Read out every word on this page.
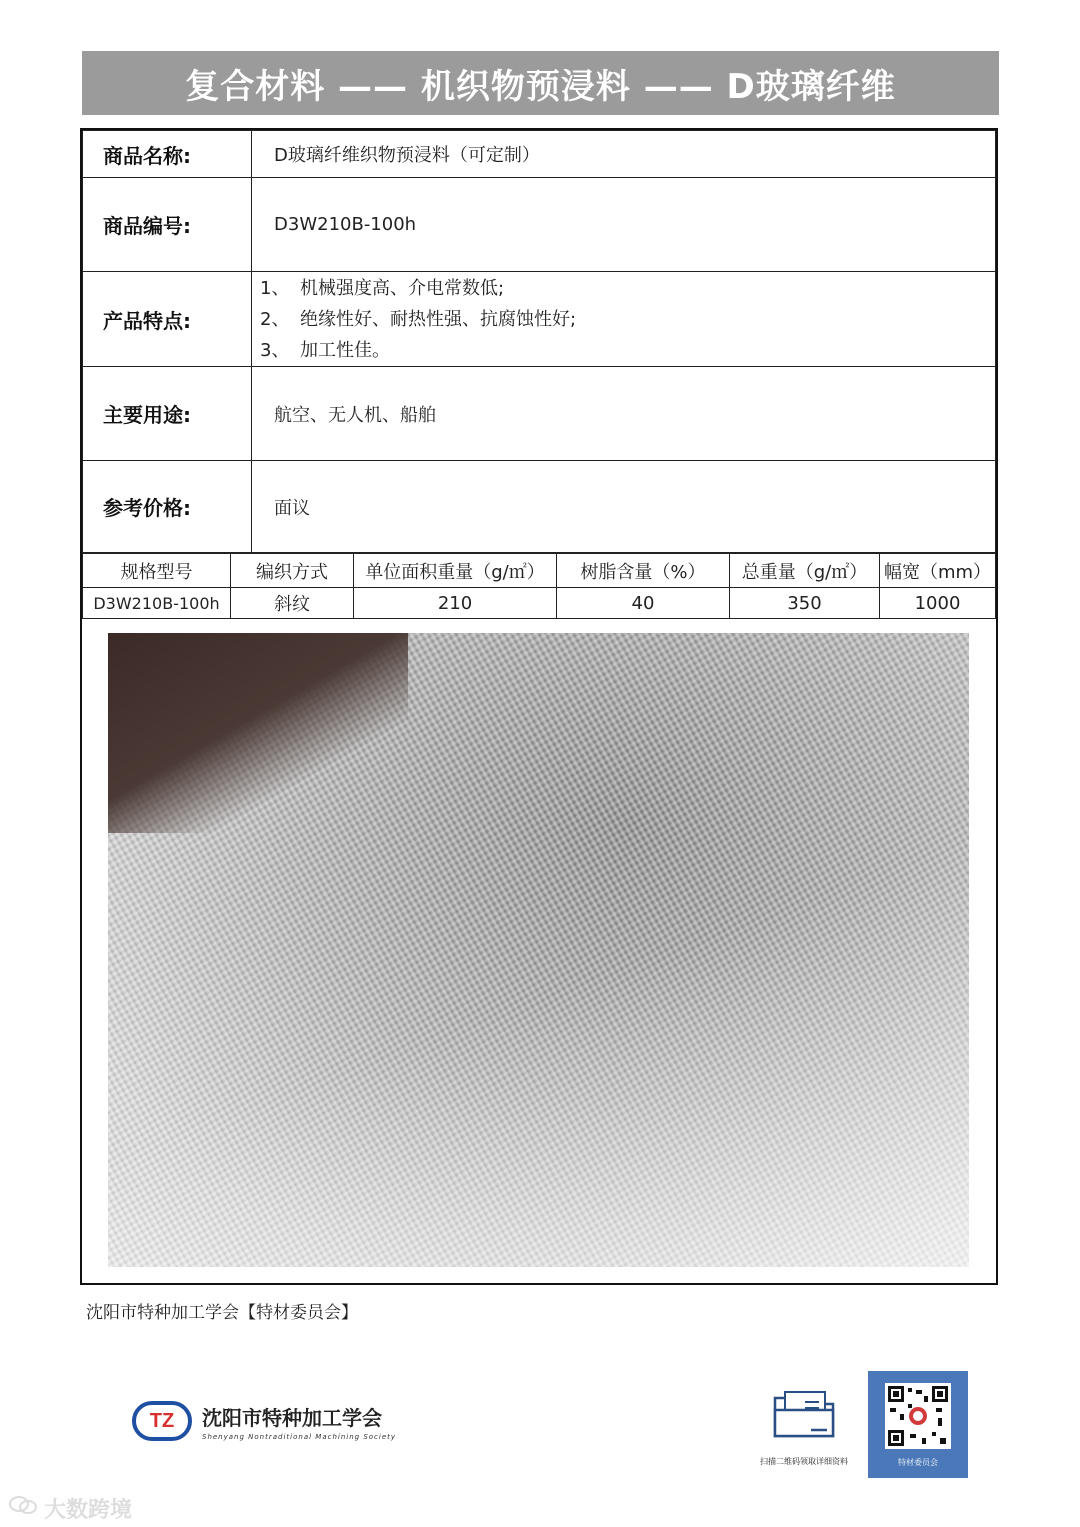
复合材料 —— 机织物预浸料 —— D玻璃纤维
商品名称:	D玻璃纤维织物预浸料（可定制）
商品编号:	D3W210B-100h
产品特点:	1、 机械强度高、介电常数低;
2、 绝缘性好、耐热性强、抗腐蚀性好;
3、 加工性佳。

主要用途:	航空、无人机、船舶
参考价格:	面议
规格型号	编织方式	单位面积重量（g/㎡）	树脂含量（%）	总重量（g/㎡）	幅宽（mm）
D3W210B-100h	斜纹	210	40	350	1000
沈阳市特种加工学会【特材委员会】
TZ	沈阳市特种加工学会
Shenyang Nontraditional Machining Society
扫描二维码领取详细资料	特材委员会
大数跨境
